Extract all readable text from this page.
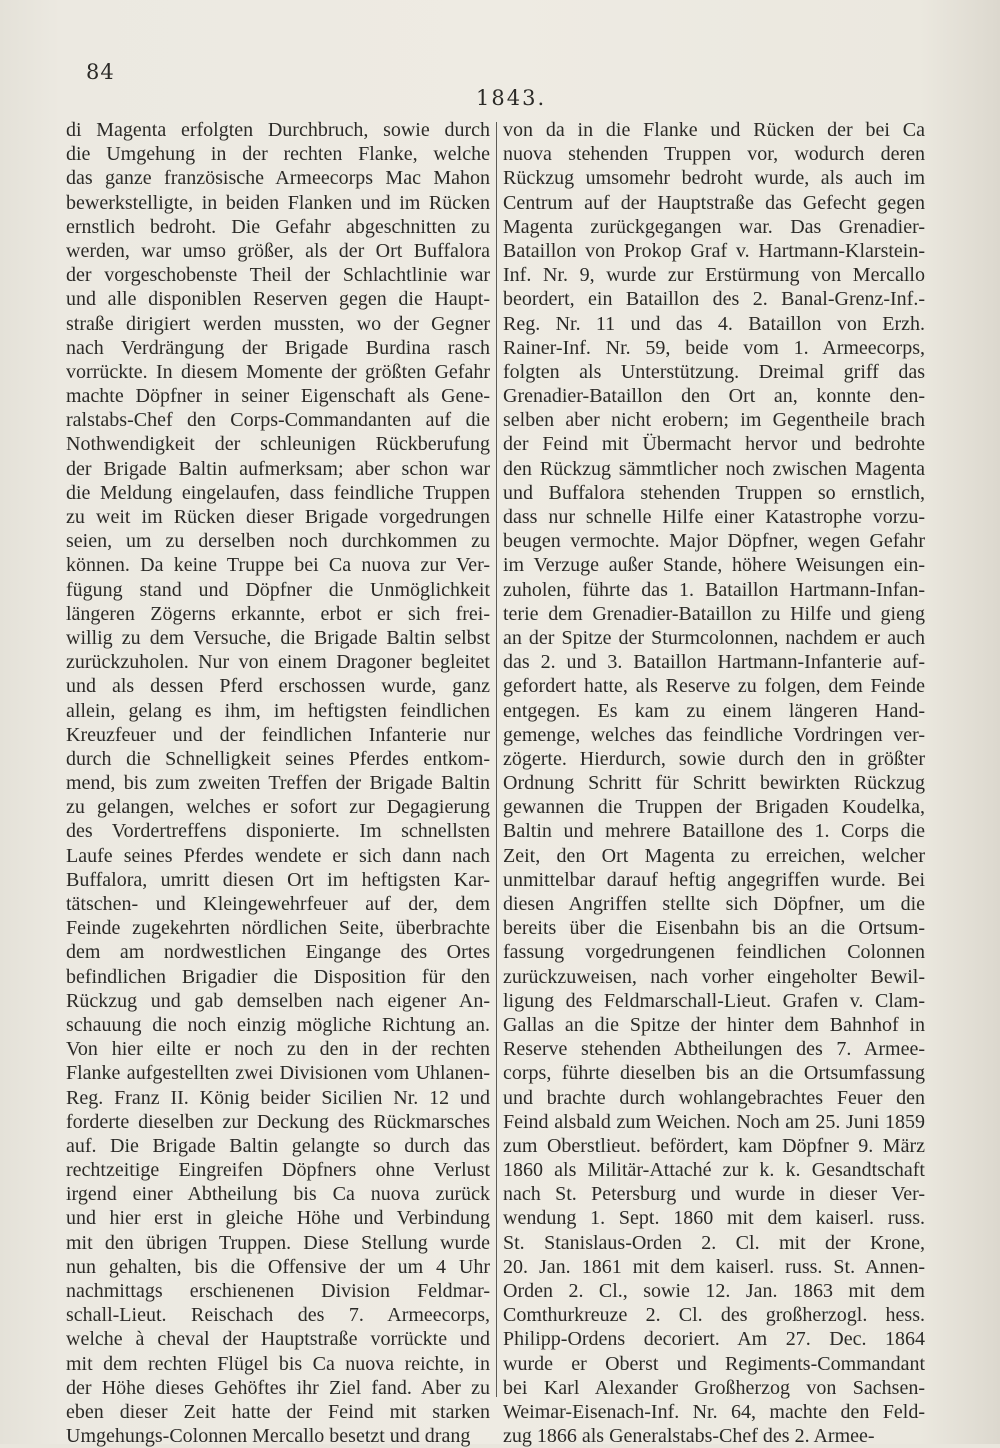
84
1843.
di Magenta erfolgten Durchbruch, sowie durch
die Umgehung in der rechten Flanke, welche
das ganze französische Armeecorps Mac Mahon
bewerkstelligte, in beiden Flanken und im Rücken
ernstlich bedroht. Die Gefahr abgeschnitten zu
werden, war umso größer, als der Ort Buffalora
der vorgeschobenste Theil der Schlachtlinie war
und alle disponiblen Reserven gegen die Haupt-
straße dirigiert werden mussten, wo der Gegner
nach Verdrängung der Brigade Burdina rasch
vorrückte. In diesem Momente der größten Gefahr
machte Döpfner in seiner Eigenschaft als Gene-
ralstabs-Chef den Corps-Commandanten auf die
Nothwendigkeit der schleunigen Rückberufung
der Brigade Baltin aufmerksam; aber schon war
die Meldung eingelaufen, dass feindliche Truppen
zu weit im Rücken dieser Brigade vorgedrungen
seien, um zu derselben noch durchkommen zu
können. Da keine Truppe bei Ca nuova zur Ver-
fügung stand und Döpfner die Unmöglichkeit
längeren Zögerns erkannte, erbot er sich frei-
willig zu dem Versuche, die Brigade Baltin selbst
zurückzuholen. Nur von einem Dragoner begleitet
und als dessen Pferd erschossen wurde, ganz
allein, gelang es ihm, im heftigsten feindlichen
Kreuzfeuer und der feindlichen Infanterie nur
durch die Schnelligkeit seines Pferdes entkom-
mend, bis zum zweiten Treffen der Brigade Baltin
zu gelangen, welches er sofort zur Degagierung
des Vordertreffens disponierte. Im schnellsten
Laufe seines Pferdes wendete er sich dann nach
Buffalora, umritt diesen Ort im heftigsten Kar-
tätschen- und Kleingewehrfeuer auf der, dem
Feinde zugekehrten nördlichen Seite, überbrachte
dem am nordwestlichen Eingange des Ortes
befindlichen Brigadier die Disposition für den
Rückzug und gab demselben nach eigener An-
schauung die noch einzig mögliche Richtung an.
Von hier eilte er noch zu den in der rechten
Flanke aufgestellten zwei Divisionen vom Uhlanen-
Reg. Franz II. König beider Sicilien Nr. 12 und
forderte dieselben zur Deckung des Rückmarsches
auf. Die Brigade Baltin gelangte so durch das
rechtzeitige Eingreifen Döpfners ohne Verlust
irgend einer Abtheilung bis Ca nuova zurück
und hier erst in gleiche Höhe und Verbindung
mit den übrigen Truppen. Diese Stellung wurde
nun gehalten, bis die Offensive der um 4 Uhr
nachmittags erschienenen Division Feldmar-
schall-Lieut. Reischach des 7. Armeecorps,
welche à cheval der Hauptstraße vorrückte und
mit dem rechten Flügel bis Ca nuova reichte, in
der Höhe dieses Gehöftes ihr Ziel fand. Aber zu
eben dieser Zeit hatte der Feind mit starken
Umgehungs-Colonnen Mercallo besetzt und drang
von da in die Flanke und Rücken der bei Ca
nuova stehenden Truppen vor, wodurch deren
Rückzug umsomehr bedroht wurde, als auch im
Centrum auf der Hauptstraße das Gefecht gegen
Magenta zurückgegangen war. Das Grenadier-
Bataillon von Prokop Graf v. Hartmann-Klarstein-
Inf. Nr. 9, wurde zur Erstürmung von Mercallo
beordert, ein Bataillon des 2. Banal-Grenz-Inf.-
Reg. Nr. 11 und das 4. Bataillon von Erzh.
Rainer-Inf. Nr. 59, beide vom 1. Armeecorps,
folgten als Unterstützung. Dreimal griff das
Grenadier-Bataillon den Ort an, konnte den-
selben aber nicht erobern; im Gegentheile brach
der Feind mit Übermacht hervor und bedrohte
den Rückzug sämmtlicher noch zwischen Magenta
und Buffalora stehenden Truppen so ernstlich,
dass nur schnelle Hilfe einer Katastrophe vorzu-
beugen vermochte. Major Döpfner, wegen Gefahr
im Verzuge außer Stande, höhere Weisungen ein-
zuholen, führte das 1. Bataillon Hartmann-Infan-
terie dem Grenadier-Bataillon zu Hilfe und gieng
an der Spitze der Sturmcolonnen, nachdem er auch
das 2. und 3. Bataillon Hartmann-Infanterie auf-
gefordert hatte, als Reserve zu folgen, dem Feinde
entgegen. Es kam zu einem längeren Hand-
gemenge, welches das feindliche Vordringen ver-
zögerte. Hierdurch, sowie durch den in größter
Ordnung Schritt für Schritt bewirkten Rückzug
gewannen die Truppen der Brigaden Koudelka,
Baltin und mehrere Bataillone des 1. Corps die
Zeit, den Ort Magenta zu erreichen, welcher
unmittelbar darauf heftig angegriffen wurde. Bei
diesen Angriffen stellte sich Döpfner, um die
bereits über die Eisenbahn bis an die Ortsum-
fassung vorgedrungenen feindlichen Colonnen
zurückzuweisen, nach vorher eingeholter Bewil-
ligung des Feldmarschall-Lieut. Grafen v. Clam-
Gallas an die Spitze der hinter dem Bahnhof in
Reserve stehenden Abtheilungen des 7. Armee-
corps, führte dieselben bis an die Ortsumfassung
und brachte durch wohlangebrachtes Feuer den
Feind alsbald zum Weichen. Noch am 25. Juni 1859
zum Oberstlieut. befördert, kam Döpfner 9. März
1860 als Militär-Attaché zur k. k. Gesandtschaft
nach St. Petersburg und wurde in dieser Ver-
wendung 1. Sept. 1860 mit dem kaiserl. russ.
St. Stanislaus-Orden 2. Cl. mit der Krone,
20. Jan. 1861 mit dem kaiserl. russ. St. Annen-
Orden 2. Cl., sowie 12. Jan. 1863 mit dem
Comthurkreuze 2. Cl. des großherzogl. hess.
Philipp-Ordens decoriert. Am 27. Dec. 1864
wurde er Oberst und Regiments-Commandant
bei Karl Alexander Großherzog von Sachsen-
Weimar-Eisenach-Inf. Nr. 64, machte den Feld-
zug 1866 als Generalstabs-Chef des 2. Armee-
